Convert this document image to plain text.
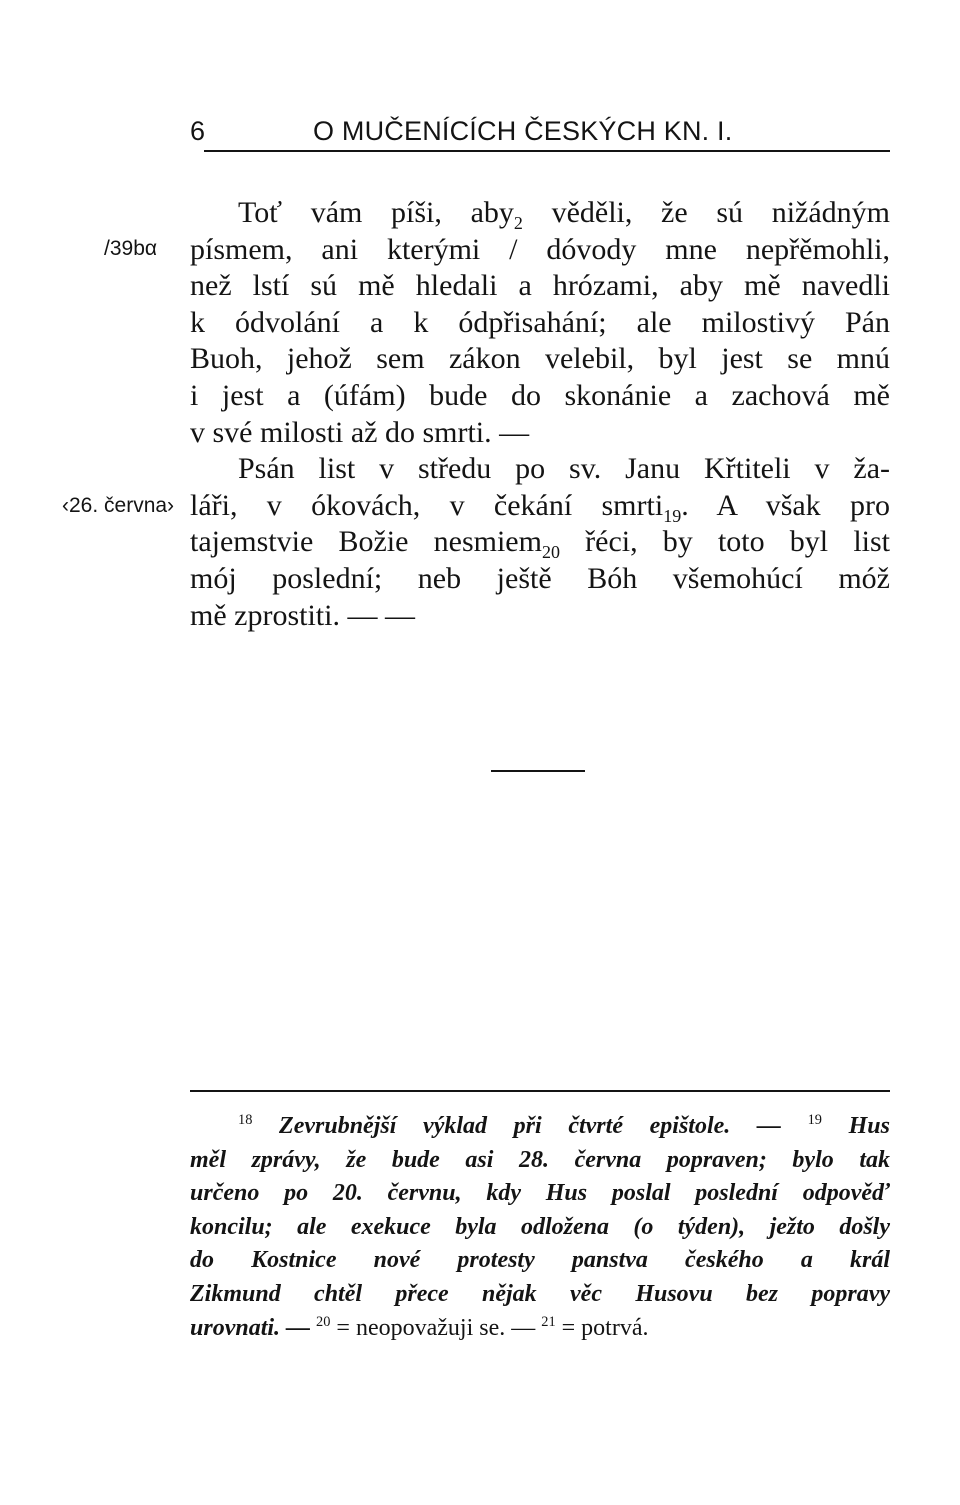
6	O MUČENÍCÍCH ČESKÝCH KN. I.
/39bα
‹26. června›
Toť vám píši, aby$_2$ věděli, že sú nižádným
písmem, ani kterými / dóvody mne nepřěmohli,
než lstí sú mě hledali a hrózami, aby mě navedli
k ódvolání a k ódpřisahání; ale milostivý Pán
Buoh, jehož sem zákon velebil, byl jest se mnú
i jest a (úfám) bude do skonánie a zachová mě
v své milosti až do smrti. —
Psán list v středu po sv. Janu Křtiteli v ža-
láři, v ókovách, v čekání smrti$_{19}$. A však pro
tajemstvie Božie nesmiem$_{20}$ řéci, by toto byl list
mój poslední; neb ještě Bóh všemohúcí móž
mě zprostiti. — —
$^{18}$ Zevrubnější výklad při čtvrté epištole. — $^{19}$ Hus
měl zprávy, že bude asi 28. června popraven; bylo tak
určeno po 20. červnu, kdy Hus poslal poslední odpověď
koncilu; ale exekuce byla odložena (o týden), ježto došly
do Kostnice nové protesty panstva českého a král
Zikmund chtěl přece nějak věc Husovu bez popravy
urovnati. — $^{20}$ = neopovažuji se. — $^{21}$ = potrvá.
